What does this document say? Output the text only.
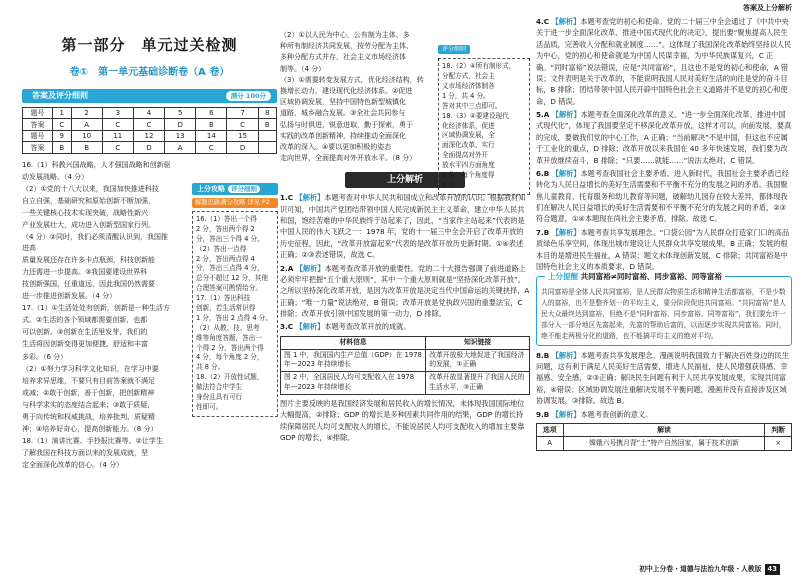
答案及上分解析
第一部分　单元过关检测
卷①　第一单元基础诊断卷（A 卷）
答案及评分细则	满分 100分
题号	1	2	3	4	5	6	7	8
答案	C	A	C	C	D	B	C	B
题号	9	10	11	12	13	14	15	
答案	B	B	C	D	A	C	D	

16.（1）科教兴国战略，人才强国战略和创新驱

动发展战略。（4 分）

（2）①党的十八大以来，我国加快推进科技

自立自强，基础研究和原始创新不断加强，

一些关键核心技术实现突破，战略性新兴

产业发展壮大，成功进入创新型国家行列。

（4 分）②同时，我们必须清醒认识到，我国推进高

质量发展还存在许多卡点瓶颈，科技创新能

力还需进一步提高。③我国要建设世界科

技创新强国，任重道远，因此我国仍然需要

进一步推进创新发展。（4 分）

17.（1）①生活处处有创新，创新是一种生活方

式。②生活的各个领域都需要创新，也都

可以创新。③创新在生活里发芽，我们的

生活将因创新变得更加便捷、舒适和丰富

多彩。（6 分）

（2）①努力学习科学文化知识，在学习中要

培养求异思维，不要只有目前答案就不满足

或减；②敢于创新，善于创新，把创新精神

与科学求实的态度结合起来；③敢于质疑，

勇于向传统和权威挑战，培养批判、质疑精

神；④培养好奇心，提高创新能力。（8 分）

18.（1）演讲比赛、手抄报比赛等。②让学生

了解我国在科技方面以来的发展成就，坚

定全面深化改革的信心。（4 分）

上分攻略 评分细则
解题思路满分攻略 详见 P2
16.（1）答出一个得
2 分，答出两个得 2
分，答出三个得 4 分。
（2）答出一点得
2 分，答出两点得 4
分，答出三点得 4 分，
总分不超过 12 分，其他
合理答案可酌情给分。
17.（1）答出科技
创新，若生活常识得
1 分，答出 2 点得 4 分。
（2）从教、技、思考
维等角度答题，答出一
个得 2 分，答出两个得
4 分，每个角度 2 分，
共 8 分。
18.（2）开放性试题，
做法符合中学生
身份且具有可行
性即可。
（2）①以人民为中心，公有制为主体、多
种所有制经济共同发展，按劳分配为主体、
多种分配方式并存，社会主义市场经济体
制等。（4 分）
（3）①需要转变发展方式，优化经济结构，转
换增长动力，建设现代化经济体系。②促进
区域协调发展，坚持中国特色新型城镇化
道路，城乡融合发展。③全社会共同参与
弘扬与时俱进，锐意进取，勤于探索，勇于
实践的改革创新精神，持续推动全面深化
改革的深入。④要以更加积极的姿态
走向世界，全面提高对外开放水平。（8 分）
评分细则
18.（2）④所有制形式，
分配方式，社会主
义市场经济体制各
1 分，共 4 分。
答对其中三点即可。
18.（3）④要建设现代
化经济体系，促进
区域协调发展，全
面深化改革，实行
全面提高对外开
放水平四方面角度
2 分，每个角度得
2 分。
上分解析
1.C 【解析】本题考查对中华人民共和国成立和改革开放的认识。根据教材知识可知，中国共产党团结带领中国人民完成新民主主义革命，建立中华人民共和国，饱经苦难的中华民族终于站起来了，因此，“当家作主站起来”代表的是中国人民的伟大飞跃之一：1978 年，党的十一届三中全会开启了改革开放的历史征程，因此，“改革开放富起来”代表的是改革开放历史新时期。①④表述正确；②③表述错误，故选 C。
2.A 【解析】本题考查改革开放的重要性。党的二十大报告强调了前进道路上必须牢牢把握“五个重大原则”，其中一个重大原则就是“坚持深化改革开放”。之所以坚持深化改革开放，是因为改革开放是决定当代中国命运的关键抉择，A 正确；“唯一力量”说法绝对，B 错误；改革开放是党执政兴国的重要法宝，C 排除；改革开放引领中国发展的第一动力，D 排除。
3.C 【解析】本题考查改革开放的成就。
材料信息	知识链接
图 1 中，我国国内生产总值（GDP）在 1978 年—2023 年持续增长	改革开放极大地促进了我国经济的发展，①正确
图 2 中，全国居民人均可支配收入在 1978 年—2023 年持续增长	改革开放显著提升了我国人民的生活水平，③正确
图片主要反映的是我国经济发展和居民收入的增长情况，未体现我国国际地位大幅提高，②排除；GDP 的增长是多种因素共同作用的结果，GDP 的增长持续保障居民人均可支配收入的增长，不能说居民人均可支配收入的增加主要靠 GDP 的增长，④排除。
4.C 【解析】本题考查党的初心和使命。党的二十届三中全会通过了《中共中央关于进一步全面深化改革、推进中国式现代化的决定》，提出要“聚焦提高人民生活品质，完善收入分配和就业制度……”。这体现了我国深化改革始终坚持以人民为中心，党的初心和使命就是为中国人民谋幸福，为中华民族谋复兴，C 正确。“同时富裕”说法错误，应是“共同富裕”，且这也不是党的初心和使命，A 错误；文件表明是关于改革的，不能说明我国人民对美好生活的向往是党的奋斗目标，B 排除；团结带领中国人民开辟中国特色社会主义道路并不是党的初心和使命，D 错误。
5.A 【解析】本题考查全面深化改革的意义。“进一步全面深化改革、推进中国式现代化”，体现了我国要坚定不移深化改革开放，这样才可以，向前发展，要真的完成，要做我们党的中心工作，A 正确；“当前解决”不是中国，但这也不应属于工业化的重点，D 排除；改革开放以来我国在 40 多年快速发展，我们要为改革开放继续奋斗，B 排除；“只要……就能……”说法太绝对，C 错误。
6.B 【解析】本题考查我国社会主要矛盾。进入新时代，我国社会主要矛盾已经转化为人民日益增长的美好生活需要和不平衡不充分的发展之间的矛盾。我国聚焦儿童教育、托育服务和幼儿教育等问题，破解幼儿园存在较大差异，都体现我们在解决人民日益增长的美好生活需要和不平衡不充分的发展之间的矛盾，②③符合题意，①④本题现在尚社会主要矛盾，排除。故选 C。
7.B 【解析】本题考查共享发展理念。“口袋公园”为人民群众打造家门口的高品质绿色乐享空间，体现出城市建设让人民群众共享发展成果，B 正确；发展的根本目的是增进民生福祉，A 错误；题文未体现创新发展，C 排除；共同富裕是中国特色社会主义的本质要求，D 错误。
上分提醒 共同富裕≠同时富裕、同步富裕、同等富裕
共同富裕是全体人民共同富裕，是人民群众物质生活和精神生活都富裕，不是少数人的富裕，也不是整齐划一的平均主义，要分阶段促进共同富裕。“共同富裕”是人民大众最终达到富裕，但绝不是“同时富裕、同步富裕、同等富裕”，我们要允许一部分人一部分地区先富起来，先富的帮助后富的，以而逐步实现共同富裕。同时，绝不能走两极分化的道路，也不能搞平均主义的绝对平均。
8.B 【解析】本题考查共享发展理念。漫画说明我国致力于解决百姓身边的民生问题，这有利于满足人民美好生活需要，增进人民福祉，使人民增强获得感、幸福感、安全感，②③正确；解决民生问题有利于人民共享发展成果，实现共同富裕，④错误；区域协调发展注重解决发展不平衡问题，漫画并没有直接涉及区域协调发展，③排除。故选 B。
9.B 【解析】本题考查创新的意义。
选项	解读	判断
A	嫦娥六号携月背“土”特产自然回家，属于技术创新	×
初中上分卷・道德与法治九年级・人教版 43
